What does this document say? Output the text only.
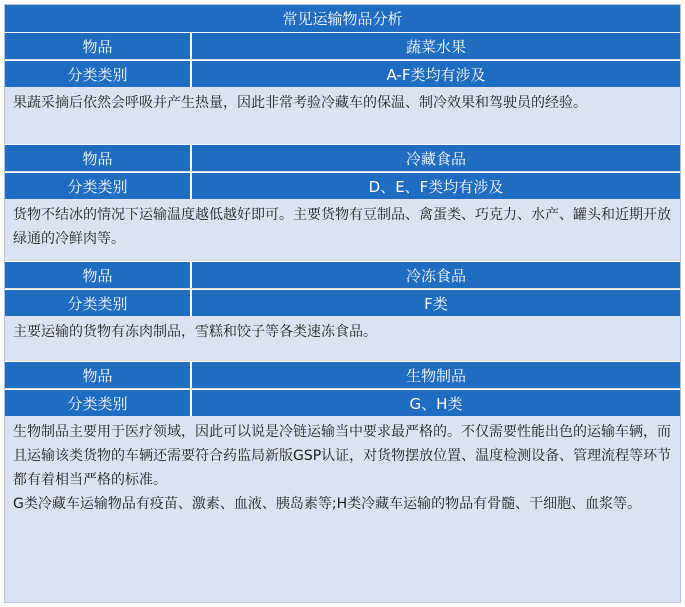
常见运输物品分析
物品	蔬菜水果
分类类别	A-F类均有涉及

果蔬采摘后依然会呼吸并产生热量，因此非常考验冷藏车的保温、制冷效果和驾驶员的经验。

物品	冷藏食品
分类类别	D、E、F类均有涉及

货物不结冰的情况下运输温度越低越好即可。主要货物有豆制品、禽蛋类、巧克力、水产、罐头和近期开放绿通的冷鲜肉等。

物品	冷冻食品
分类类别	F类

主要运输的货物有冻肉制品，雪糕和饺子等各类速冻食品。

物品	生物制品
分类类别	G、H类

生物制品主要用于医疗领域，因此可以说是冷链运输当中要求最严格的。不仅需要性能出色的运输车辆，而且运输该类货物的车辆还需要符合药监局新版GSP认证，对货物摆放位置、温度检测设备、管理流程等环节都有着相当严格的标准。

G类冷藏车运输物品有疫苗、激素、血液、胰岛素等;H类冷藏车运输的物品有骨髓、干细胞、血浆等。
